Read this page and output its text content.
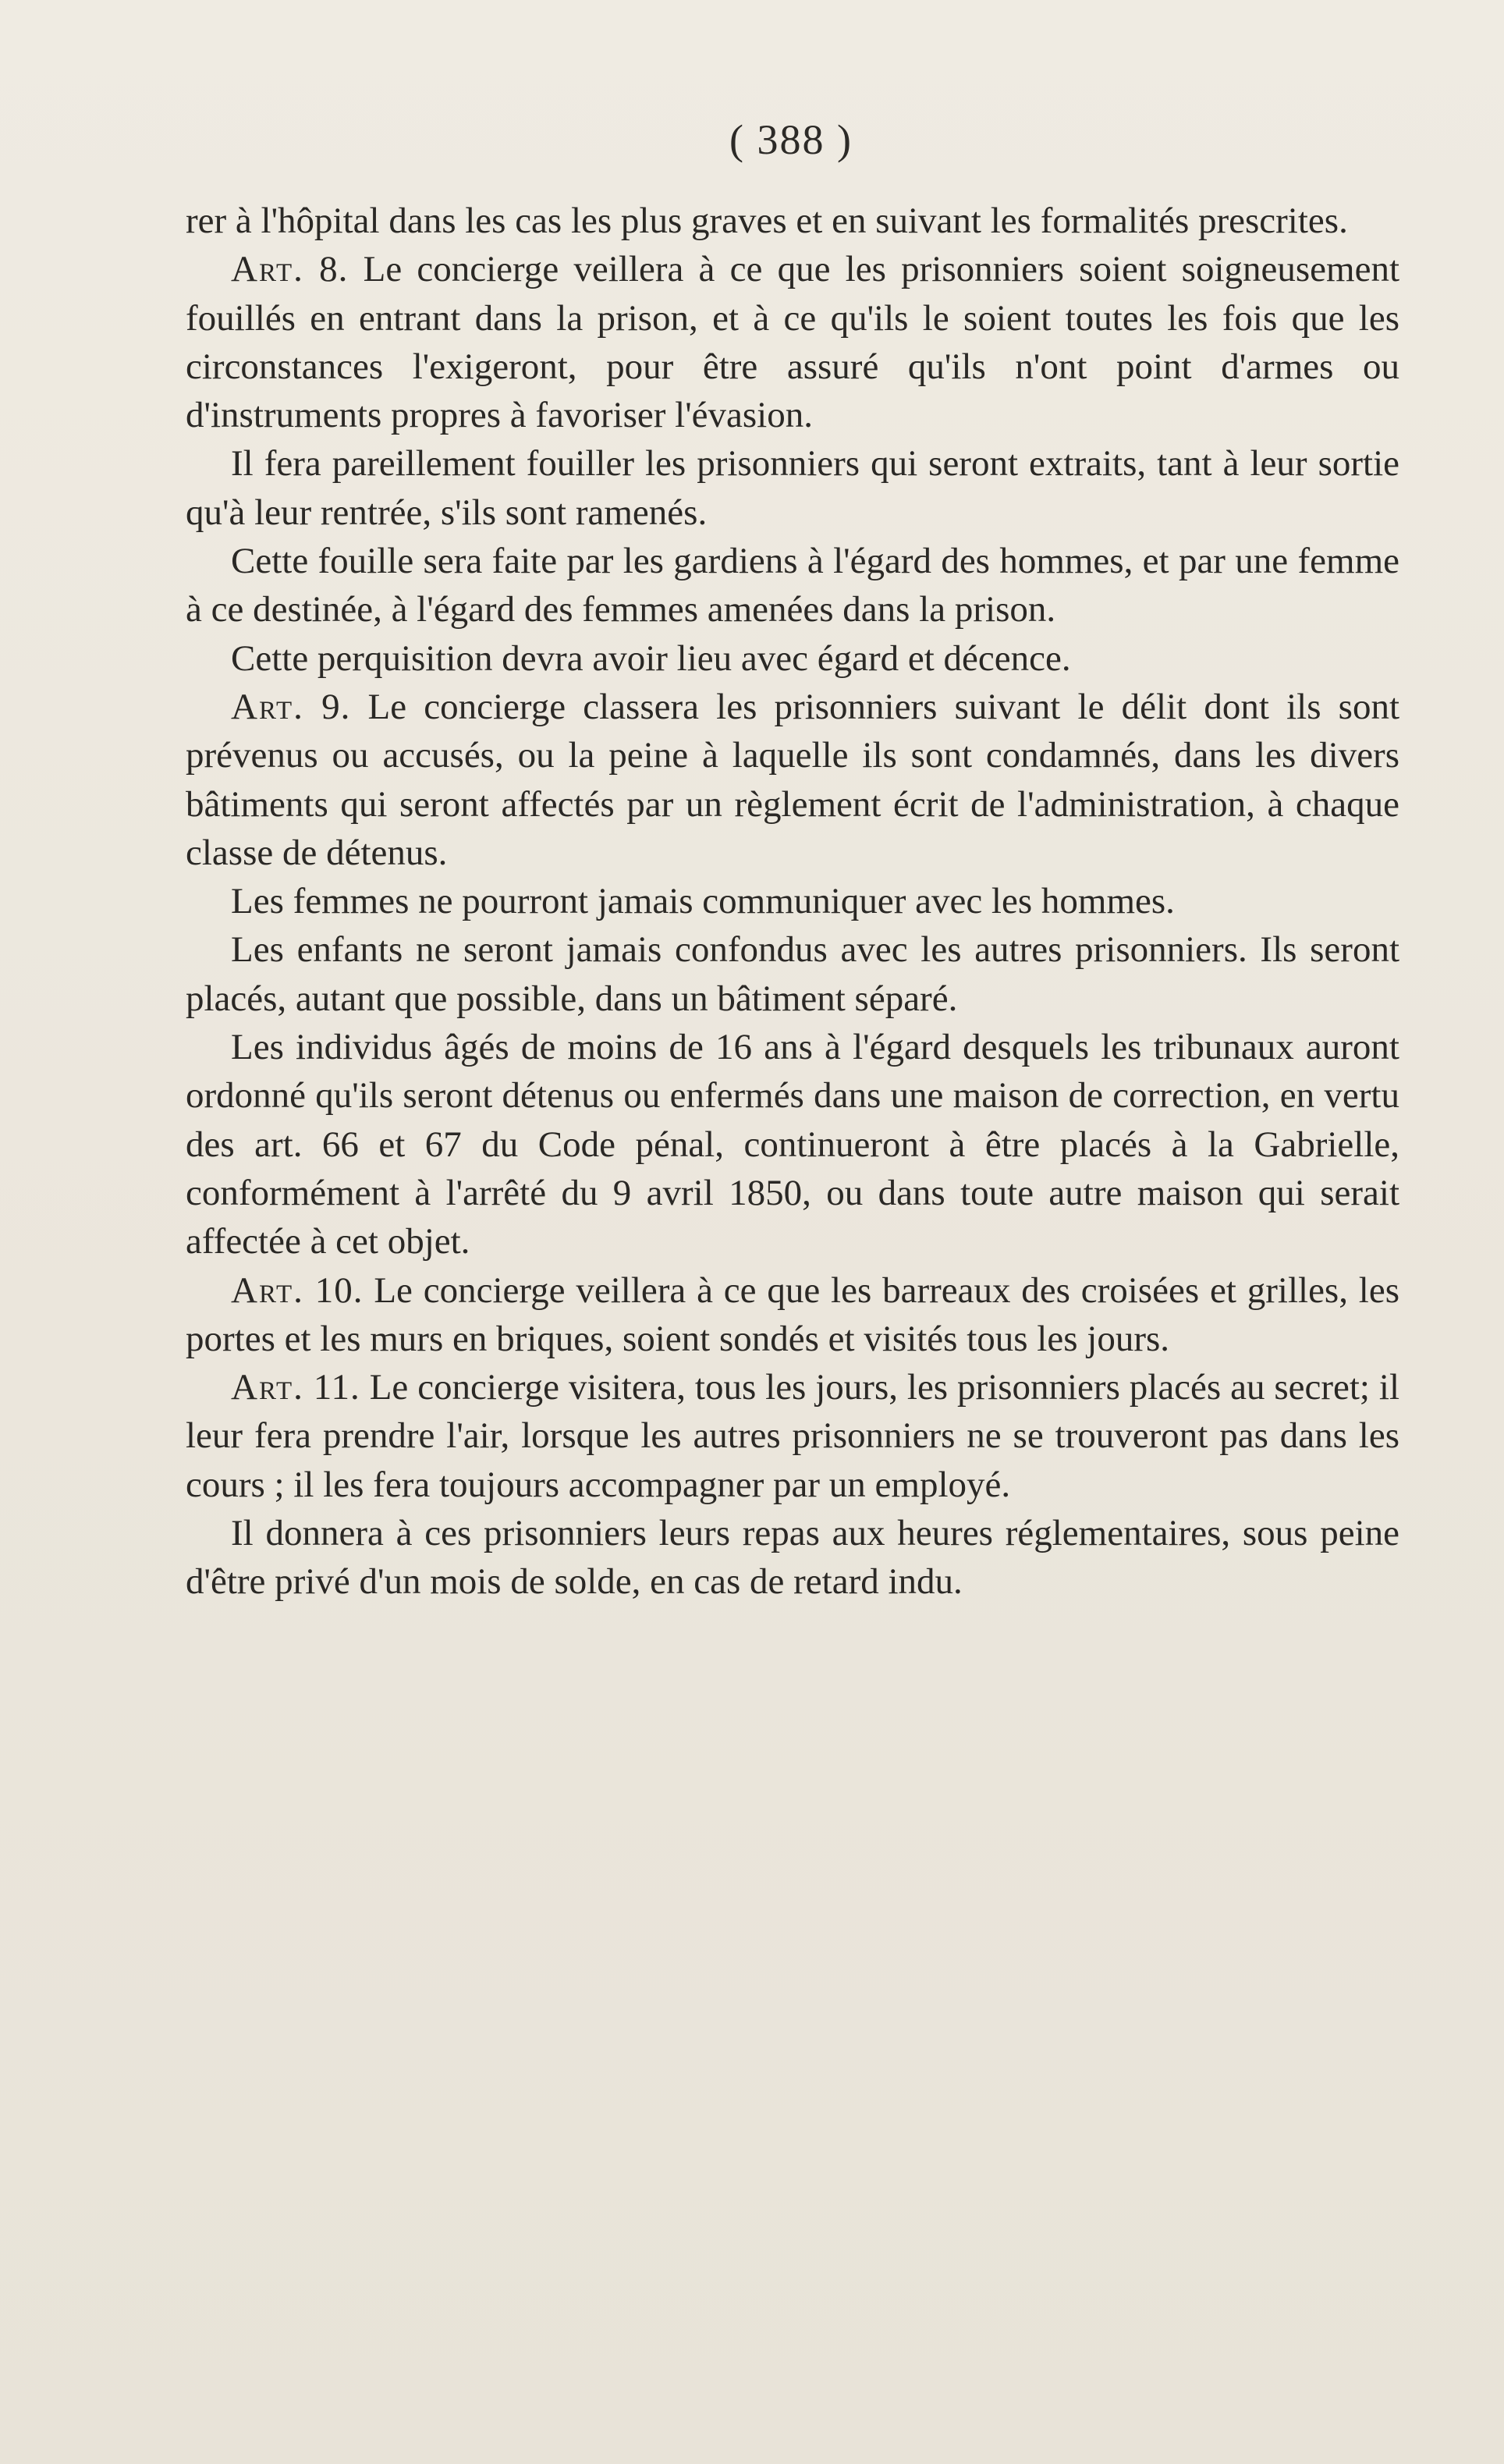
( 388 )

rer à l'hôpital dans les cas les plus graves et en suivant les formalités prescrites.

Art. 8. Le concierge veillera à ce que les prisonniers soient soigneusement fouillés en entrant dans la prison, et à ce qu'ils le soient toutes les fois que les circonstances l'exigeront, pour être assuré qu'ils n'ont point d'armes ou d'instruments propres à favoriser l'évasion.

Il fera pareillement fouiller les prisonniers qui seront extraits, tant à leur sortie qu'à leur rentrée, s'ils sont ramenés.

Cette fouille sera faite par les gardiens à l'égard des hommes, et par une femme à ce destinée, à l'égard des femmes amenées dans la prison.

Cette perquisition devra avoir lieu avec égard et décence.

Art. 9. Le concierge classera les prisonniers suivant le délit dont ils sont prévenus ou accusés, ou la peine à laquelle ils sont condamnés, dans les divers bâtiments qui seront affectés par un règlement écrit de l'administration, à chaque classe de détenus.

Les femmes ne pourront jamais communiquer avec les hommes.

Les enfants ne seront jamais confondus avec les autres prisonniers. Ils seront placés, autant que possible, dans un bâtiment séparé.

Les individus âgés de moins de 16 ans à l'égard desquels les tribunaux auront ordonné qu'ils seront détenus ou enfermés dans une maison de correction, en vertu des art. 66 et 67 du Code pénal, continueront à être placés à la Gabrielle, conformément à l'arrêté du 9 avril 1850, ou dans toute autre maison qui serait affectée à cet objet.

Art. 10. Le concierge veillera à ce que les barreaux des croisées et grilles, les portes et les murs en briques, soient sondés et visités tous les jours.

Art. 11. Le concierge visitera, tous les jours, les prisonniers placés au secret; il leur fera prendre l'air, lorsque les autres prisonniers ne se trouveront pas dans les cours ; il les fera toujours accompagner par un employé.

Il donnera à ces prisonniers leurs repas aux heures réglementaires, sous peine d'être privé d'un mois de solde, en cas de retard indu.
